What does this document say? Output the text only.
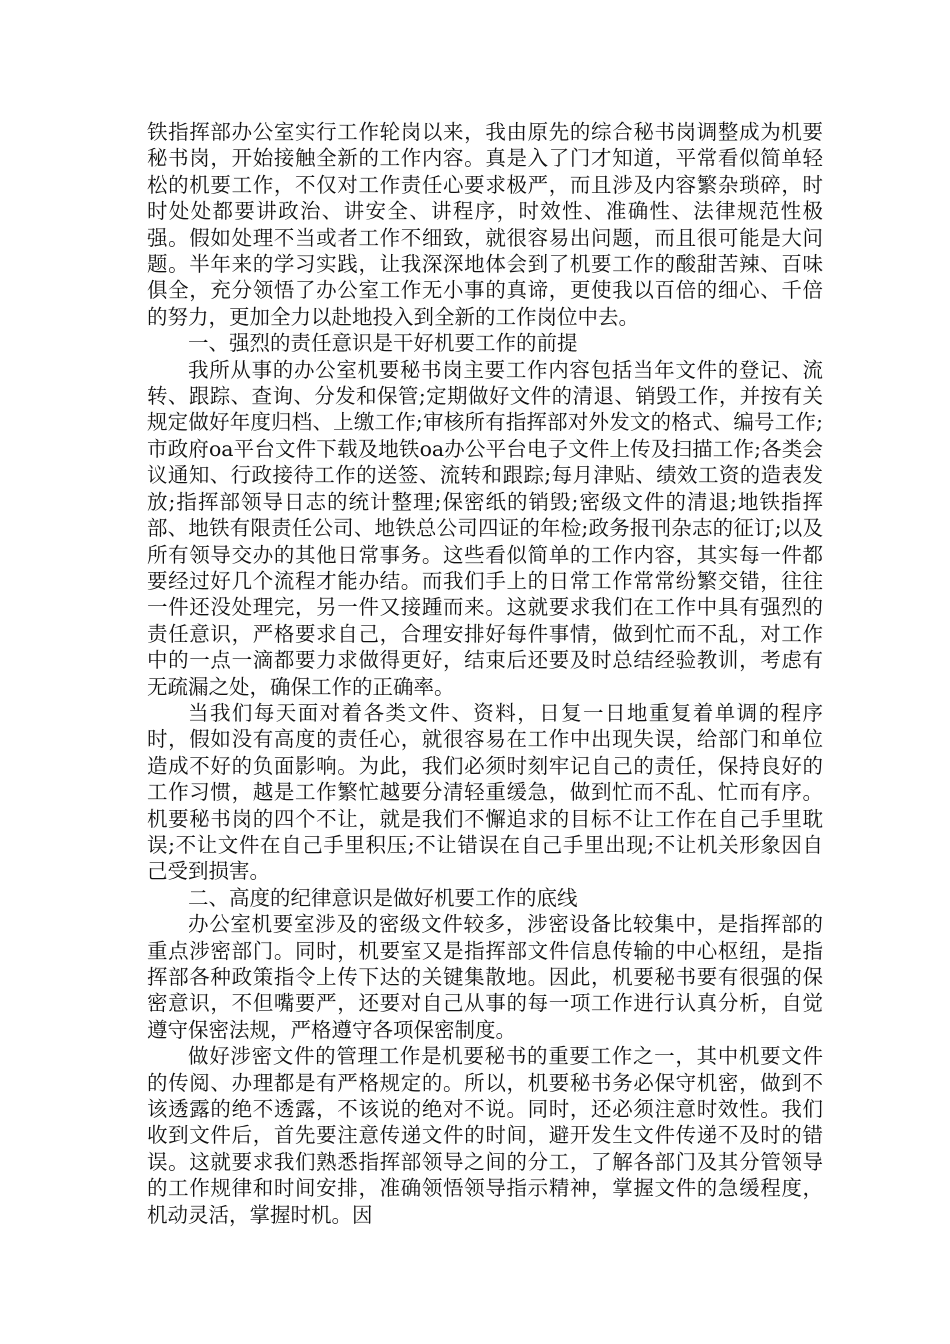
铁指挥部办公室实行工作轮岗以来，我由原先的综合秘书岗调整成为机要秘书岗，开始接触全新的工作内容。真是入了门才知道，平常看似简单轻松的机要工作，不仅对工作责任心要求极严，而且涉及内容繁杂琐碎，时时处处都要讲政治、讲安全、讲程序，时效性、准确性、法律规范性极强。假如处理不当或者工作不细致，就很容易出问题，而且很可能是大问题。半年来的学习实践，让我深深地体会到了机要工作的酸甜苦辣、百味俱全，充分领悟了办公室工作无小事的真谛，更使我以百倍的细心、千倍的努力，更加全力以赴地投入到全新的工作岗位中去。

一、强烈的责任意识是干好机要工作的前提

我所从事的办公室机要秘书岗主要工作内容包括当年文件的登记、流转、跟踪、查询、分发和保管;定期做好文件的清退、销毁工作，并按有关规定做好年度归档、上缴工作;审核所有指挥部对外发文的格式、编号工作;市政府oa平台文件下载及地铁oa办公平台电子文件上传及扫描工作;各类会议通知、行政接待工作的送签、流转和跟踪;每月津贴、绩效工资的造表发放;指挥部领导日志的统计整理;保密纸的销毁;密级文件的清退;地铁指挥部、地铁有限责任公司、地铁总公司四证的年检;政务报刊杂志的征订;以及所有领导交办的其他日常事务。这些看似简单的工作内容，其实每一件都要经过好几个流程才能办结。而我们手上的日常工作常常纷繁交错，往往一件还没处理完，另一件又接踵而来。这就要求我们在工作中具有强烈的责任意识，严格要求自己，合理安排好每件事情，做到忙而不乱，对工作中的一点一滴都要力求做得更好，结束后还要及时总结经验教训，考虑有无疏漏之处，确保工作的正确率。

当我们每天面对着各类文件、资料，日复一日地重复着单调的程序时，假如没有高度的责任心，就很容易在工作中出现失误，给部门和单位造成不好的负面影响。为此，我们必须时刻牢记自己的责任，保持良好的工作习惯，越是工作繁忙越要分清轻重缓急，做到忙而不乱、忙而有序。机要秘书岗的四个不让，就是我们不懈追求的目标不让工作在自己手里耽误;不让文件在自己手里积压;不让错误在自己手里出现;不让机关形象因自己受到损害。

二、高度的纪律意识是做好机要工作的底线

办公室机要室涉及的密级文件较多，涉密设备比较集中，是指挥部的重点涉密部门。同时，机要室又是指挥部文件信息传输的中心枢纽，是指挥部各种政策指令上传下达的关键集散地。因此，机要秘书要有很强的保密意识，不但嘴要严，还要对自己从事的每一项工作进行认真分析，自觉遵守保密法规，严格遵守各项保密制度。

做好涉密文件的管理工作是机要秘书的重要工作之一，其中机要文件的传阅、办理都是有严格规定的。所以，机要秘书务必保守机密，做到不该透露的绝不透露，不该说的绝对不说。同时，还必须注意时效性。我们收到文件后，首先要注意传递文件的时间，避开发生文件传递不及时的错误。这就要求我们熟悉指挥部领导之间的分工，了解各部门及其分管领导的工作规律和时间安排，准确领悟领导指示精神，掌握文件的急缓程度，机动灵活，掌握时机。因
